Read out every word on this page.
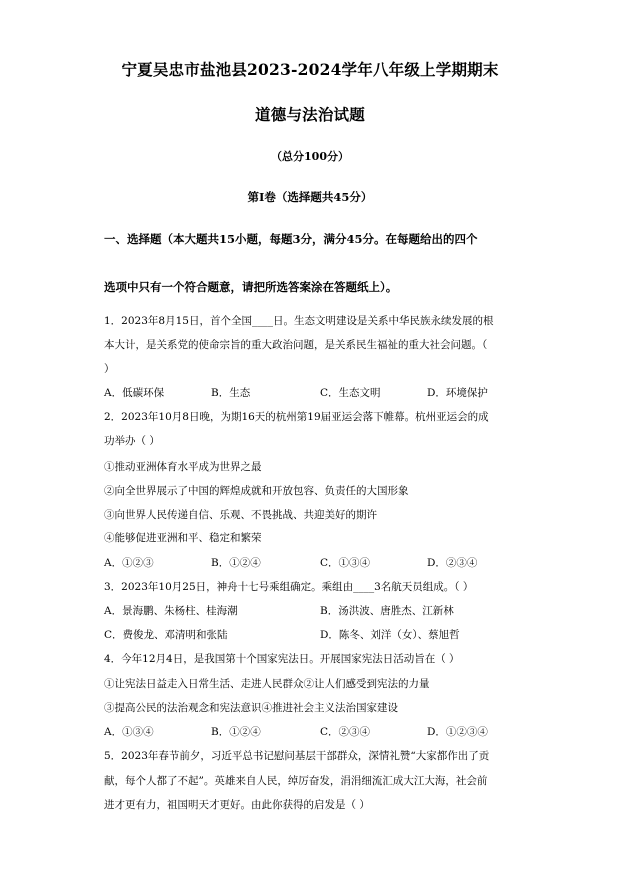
宁夏吴忠市盐池县2023-2024学年八年级上学期期末
道德与法治试题
（总分100分）
第Ⅰ卷（选择题共45分）
一、选择题（本大题共15小题，每题3分，满分45分。在每题给出的四个
选项中只有一个符合题意，请把所选答案涂在答题纸上）。
1．2023年8月15日，首个全国____日。生态文明建设是关系中华民族永续发展的根
本大计，是关系党的使命宗旨的重大政治问题，是关系民生福祉的重大社会问题。（
）
A．低碳环保	B．生态	C．生态文明	D．环境保护
2．2023年10月8日晚，为期16天的杭州第19届亚运会落下帷幕。杭州亚运会的成
功举办（ ）
①推动亚洲体育水平成为世界之最
②向全世界展示了中国的辉煌成就和开放包容、负责任的大国形象
③向世界人民传递自信、乐观、不畏挑战、共迎美好的期许
④能够促进亚洲和平、稳定和繁荣
A．①②③	B．①②④	C．①③④	D．②③④
3．2023年10月25日，神舟十七号乘组确定。乘组由____3名航天员组成。（ ）
A．景海鹏、朱杨柱、桂海潮	B．汤洪波、唐胜杰、江新林
C．费俊龙、邓清明和张陆	D．陈冬、刘洋（女）、蔡旭哲
4．今年12月4日，是我国第十个国家宪法日。开展国家宪法日活动旨在（ ）
①让宪法日益走入日常生活、走进人民群众②让人们感受到宪法的力量
③提高公民的法治观念和宪法意识④推进社会主义法治国家建设
A．①③④	B．①②④	C．②③④	D．①②③④
5．2023年春节前夕，习近平总书记慰问基层干部群众，深情礼赞“大家都作出了贡
献，每个人都了不起”。英雄来自人民，绰厉奋发，涓涓细流汇成大江大海，社会前
进才更有力，祖国明天才更好。由此你获得的启发是（ ）
